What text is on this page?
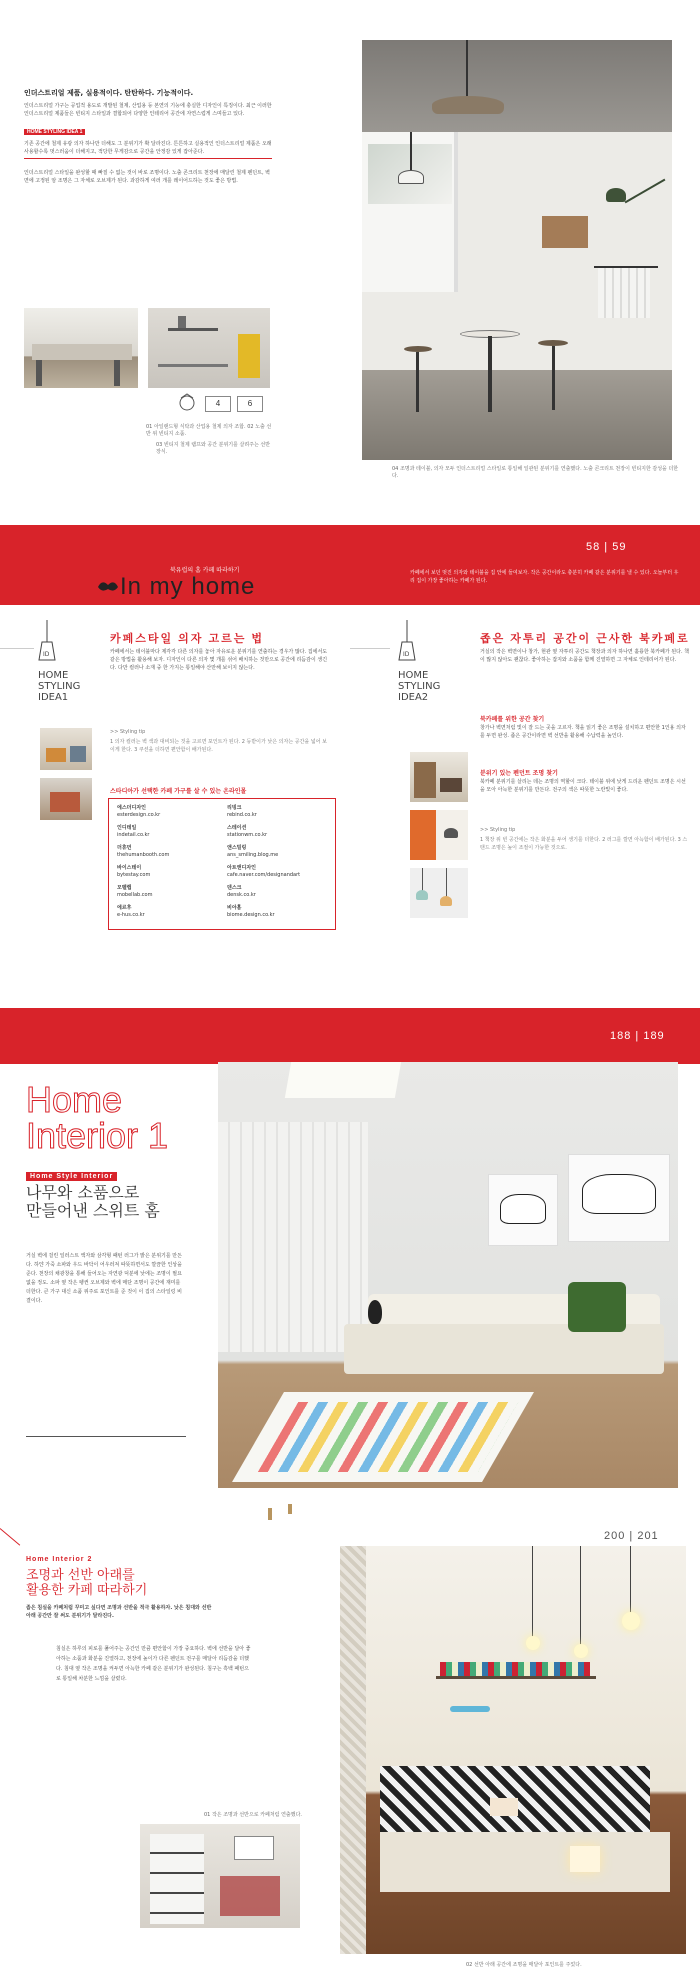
인더스트리얼 제품, 실용적이다. 탄탄하다. 기능적이다.
인더스트리얼 가구는 공업적 용도로 개발된 철제, 산업용 등 본연의 기능에 충실한 디자인이 특징이다. 최근 이러한 인더스트리얼 제품들은 빈티지 스타일과 결합되어 다양한 인테리어 공간에 자연스럽게 스며들고 있다.
HOME STYLING IDEA 1
기존 공간에 철제 유광 의자 하나만 더해도 그 분위기가 확 달라진다. 튼튼하고 실용적인 인더스트리얼 제품은 오래 사용할수록 멋스러움이 더해지고, 적당한 무게감으로 공간을 안정감 있게 잡아준다.
인더스트리얼 스타일을 완성할 때 빠질 수 없는 것이 바로 조명이다. 노출 콘크리트 천장에 매달린 철제 펜던트, 벽면에 고정된 암 조명은 그 자체로 오브제가 된다. 과감하게 여러 개를 레이어드하는 것도 좋은 방법.
4	6
01 아일랜드형 식탁과 산업용 철제 의자 조합. 02 노출 선반 위 빈티지 소품.
03 빈티지 철제 램프와 공간 분위기를 살려주는 선반 장식.
04 조명과 테이블, 의자 모두 인더스트리얼 스타일로 통일해 일관된 분위기를 연출했다. 노출 콘크리트 천장이 빈티지한 감성을 더한다.
58 | 59
북유럽의 홈 카페 따라하기
In my home	카페에서 보던 멋진 의자와 테이블을 집 안에 들여보자. 작은 공간이라도 충분히 카페 같은 분위기를 낼 수 있다. 오늘부터 우리 집이 가장 좋아하는 카페가 된다.
ID
HOME
STYLING
IDEA1
카페스타일 의자 고르는 법
카페에서는 테이블마다 제각각 다른 의자를 놓아 자유로운 분위기를 연출하는 경우가 많다. 집에서도 같은 방법을 활용해 보자. 디자인이 다른 의자 몇 개를 섞어 배치하는 것만으로 공간에 리듬감이 생긴다. 다만 컬러나 소재 중 한 가지는 통일해야 산만해 보이지 않는다.
>> Styling tip
1 의자 컬러는 벽 색과 대비되는 것을 고르면 포인트가 된다. 2 등받이가 낮은 의자는 공간을 넓어 보이게 한다. 3 쿠션을 더하면 편안함이 배가된다.
스타디아가 선택한 카페 가구를 살 수 있는 온라인몰
에스더디자인
esterdesign.co.kr
리빙크
rebind.co.kr
인디테일
indetail.co.kr
스테이션
stationwm.co.kr
더휴먼
thehumanbooth.com
앤스밀링
ans_smiling.blog.me
바이스테이
bytestay.com
아트앤디자인
cafe.naver.com/designandart
모벨랩
mobellab.com
덴스크
densk.co.kr
에르후
e-hus.co.kr
비아홈
biome.design.co.kr
ID
HOME
STYLING
IDEA2
좁은 자투리 공간이 근사한 북카페로
거실의 작은 벽면이나 창가, 현관 옆 자투리 공간도 책장과 의자 하나면 훌륭한 북카페가 된다. 책이 많지 않아도 괜찮다. 좋아하는 잡지와 소품을 함께 진열하면 그 자체로 인테리어가 된다.
북카페를 위한 공간 찾기
창가나 벽면처럼 빛이 잘 드는 곳을 고르자. 책을 읽기 좋은 조명을 설치하고 편안한 1인용 의자를 두면 완성. 좁은 공간이라면 벽 선반을 활용해 수납력을 높인다.
분위기 있는 펜던트 조명 찾기
북카페 분위기를 살리는 데는 조명의 역할이 크다. 테이블 위에 낮게 드리운 펜던트 조명은 시선을 모아 아늑한 분위기를 만든다. 전구의 색은 따뜻한 노란빛이 좋다.
>> Styling tip
1 책장 위 빈 공간에는 작은 화분을 두어 생기를 더한다. 2 러그를 깔면 아늑함이 배가된다. 3 스탠드 조명은 높이 조절이 가능한 것으로.
188 | 189
Home
Interior 1
Home Style Interior
나무와 소품으로
만들어낸 스위트 홈
거실 벽에 걸린 일러스트 액자와 삼각형 패턴 러그가 밝은 분위기를 만든다. 하얀 가죽 소파와 우드 바닥이 어우러져 따뜻하면서도 깔끔한 인상을 준다. 천장의 채광창을 통해 들어오는 자연광 덕분에 낮에는 조명이 필요 없을 정도. 소파 옆 작은 펭귄 오브제와 벽에 매단 조명이 공간에 재미를 더한다. 큰 가구 대신 소품 위주로 포인트를 준 것이 이 집의 스타일링 비결이다.
Home Interior 2
조명과 선반 아래를
활용한 카페 따라하기
좁은 침실을 카페처럼 꾸미고 싶다면 조명과 선반을 적극 활용하자. 낮은 침대와 선반 아래 공간만 잘 써도 분위기가 달라진다.
침실은 하루의 피로를 풀어주는 공간인 만큼 편안함이 가장 중요하다. 벽에 선반을 달아 좋아하는 소품과 화분을 진열하고, 천장에 높이가 다른 펜던트 전구를 매달아 리듬감을 더했다. 침대 옆 작은 조명을 켜두면 아늑한 카페 같은 분위기가 완성된다. 침구는 흑백 패턴으로 통일해 차분한 느낌을 살렸다.
01 작은 조명과 선반으로 카페처럼 연출했다.
200 | 201
02 선반 아래 공간에 조명을 매달아 포인트를 주었다.
